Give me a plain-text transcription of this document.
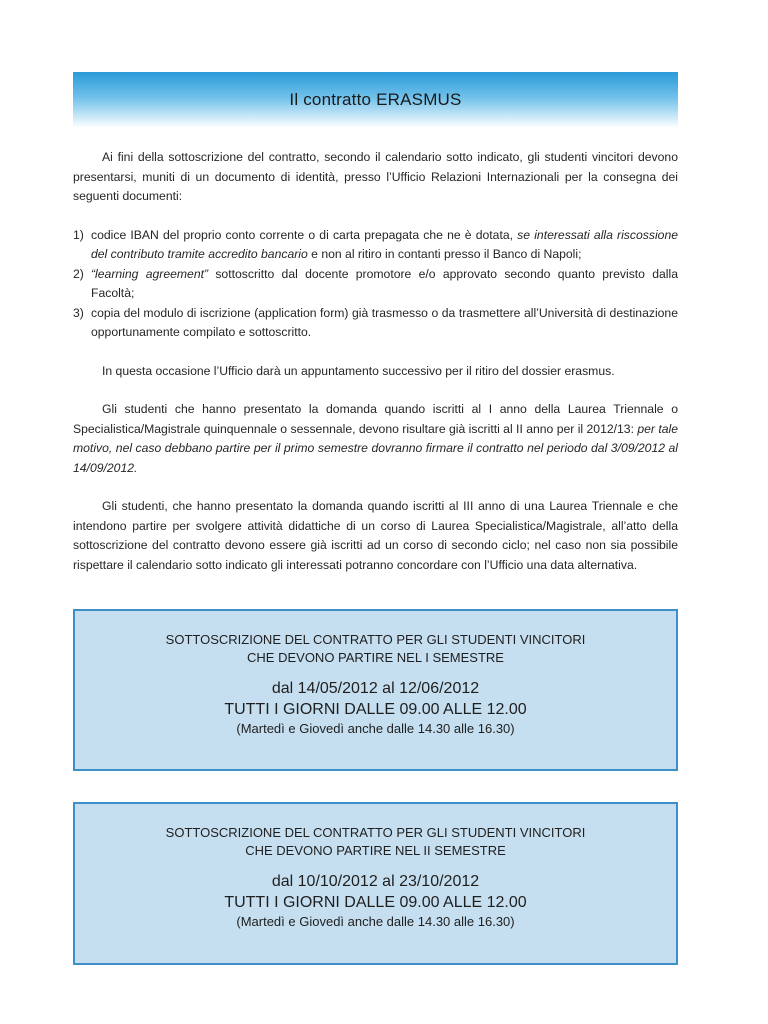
Il contratto ERASMUS

Ai fini della sottoscrizione del contratto, secondo il calendario sotto indicato, gli studenti vincitori devono presentarsi, muniti di un documento di identità, presso l’Ufficio Relazioni Internazionali per la consegna dei seguenti documenti:

1) codice IBAN del proprio conto corrente o di carta prepagata che ne è dotata, se interessati alla riscossione del contributo tramite accredito bancario e non al ritiro in contanti presso il Banco di Napoli;
2) “learning agreement” sottoscritto dal docente promotore e/o approvato secondo quanto previsto dalla Facoltà;
3) copia del modulo di iscrizione (application form) già trasmesso o da trasmettere all’Università di destinazione opportunamente compilato e sottoscritto.

In questa occasione l’Ufficio darà un appuntamento successivo per il ritiro del dossier erasmus.

Gli studenti che hanno presentato la domanda quando iscritti al I anno della Laurea Triennale o Specialistica/Magistrale quinquennale o sessennale, devono risultare già iscritti al II anno per il 2012/13: per tale motivo, nel caso debbano partire per il primo semestre dovranno firmare il contratto nel periodo dal 3/09/2012 al 14/09/2012.

Gli studenti, che hanno presentato la domanda quando iscritti al III anno di una Laurea Triennale e che intendono partire per svolgere attività didattiche di un corso di Laurea Specialistica/Magistrale, all’atto della sottoscrizione del contratto devono essere già iscritti ad un corso di secondo ciclo; nel caso non sia possibile rispettare il calendario sotto indicato gli interessati potranno concordare con l’Ufficio una data alternativa.

SOTTOSCRIZIONE DEL CONTRATTO PER GLI STUDENTI VINCITORI
CHE DEVONO PARTIRE NEL I SEMESTRE
dal 14/05/2012 al 12/06/2012
TUTTI I GIORNI DALLE 09.00 ALLE 12.00
(Martedì e Giovedì anche dalle 14.30 alle 16.30)
SOTTOSCRIZIONE DEL CONTRATTO PER GLI STUDENTI VINCITORI
CHE DEVONO PARTIRE NEL II SEMESTRE
dal 10/10/2012 al 23/10/2012
TUTTI I GIORNI DALLE 09.00 ALLE 12.00
(Martedì e Giovedì anche dalle 14.30 alle 16.30)
